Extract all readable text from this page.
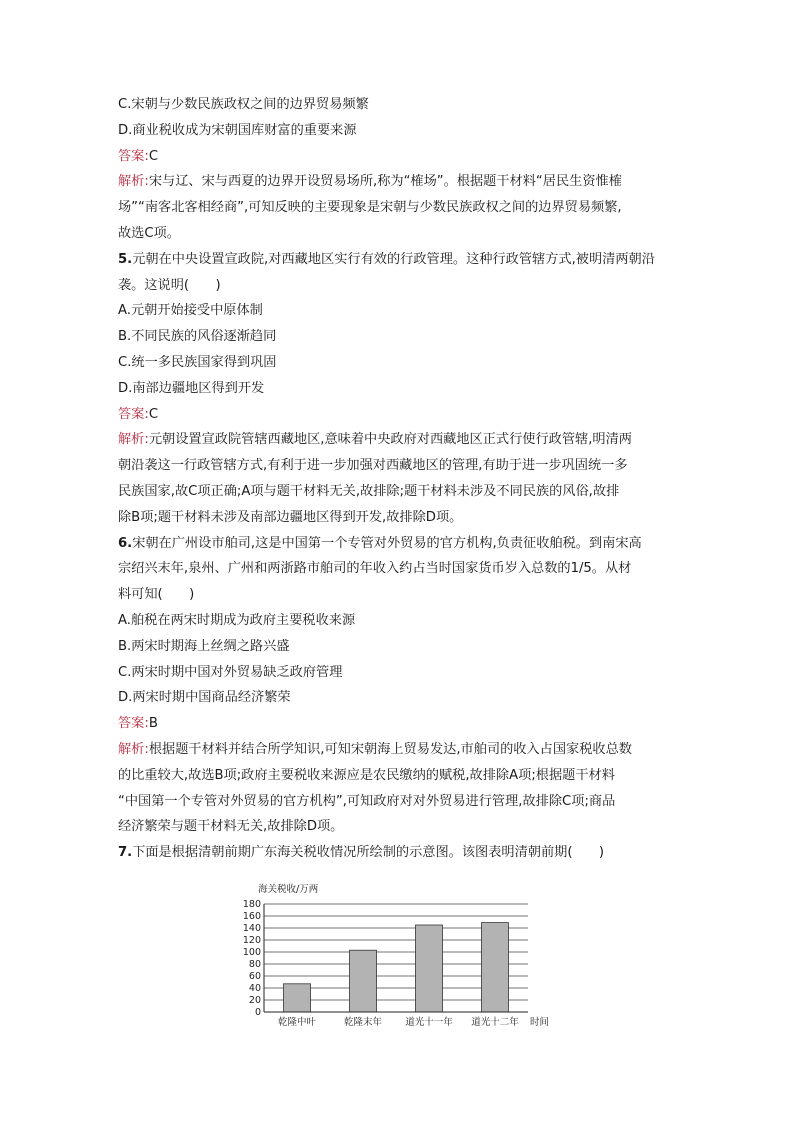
C.宋朝与少数民族政权之间的边界贸易频繁
D.商业税收成为宋朝国库财富的重要来源
答案:C
解析:宋与辽、宋与西夏的边界开设贸易场所,称为“榷场”。根据题干材料“居民生资惟榷
场”“南客北客相经商”,可知反映的主要现象是宋朝与少数民族政权之间的边界贸易频繁,
故选C项。
5.元朝在中央设置宣政院,对西藏地区实行有效的行政管理。这种行政管辖方式,被明清两朝沿
袭。这说明(　　)
A.元朝开始接受中原体制
B.不同民族的风俗逐渐趋同
C.统一多民族国家得到巩固
D.南部边疆地区得到开发
答案:C
解析:元朝设置宣政院管辖西藏地区,意味着中央政府对西藏地区正式行使行政管辖,明清两
朝沿袭这一行政管辖方式,有利于进一步加强对西藏地区的管理,有助于进一步巩固统一多
民族国家,故C项正确;A项与题干材料无关,故排除;题干材料未涉及不同民族的风俗,故排
除B项;题干材料未涉及南部边疆地区得到开发,故排除D项。
6.宋朝在广州设市舶司,这是中国第一个专管对外贸易的官方机构,负责征收舶税。到南宋高
宗绍兴末年,泉州、广州和两浙路市舶司的年收入约占当时国家货币岁入总数的1/5。从材
料可知(　　)
A.舶税在两宋时期成为政府主要税收来源
B.两宋时期海上丝绸之路兴盛
C.两宋时期中国对外贸易缺乏政府管理
D.两宋时期中国商品经济繁荣
答案:B
解析:根据题干材料并结合所学知识,可知宋朝海上贸易发达,市舶司的收入占国家税收总数
的比重较大,故选B项;政府主要税收来源应是农民缴纳的赋税,故排除A项;根据题干材料
“中国第一个专管对外贸易的官方机构”,可知政府对对外贸易进行管理,故排除C项;商品
经济繁荣与题干材料无关,故排除D项。
7.下面是根据清朝前期广东海关税收情况所绘制的示意图。该图表明清朝前期(　　)
海关税收/万两
0
20
40
60
80
100
120
140
160
180
乾隆中叶	乾隆末年 道光十一年 道光十二年 时间
